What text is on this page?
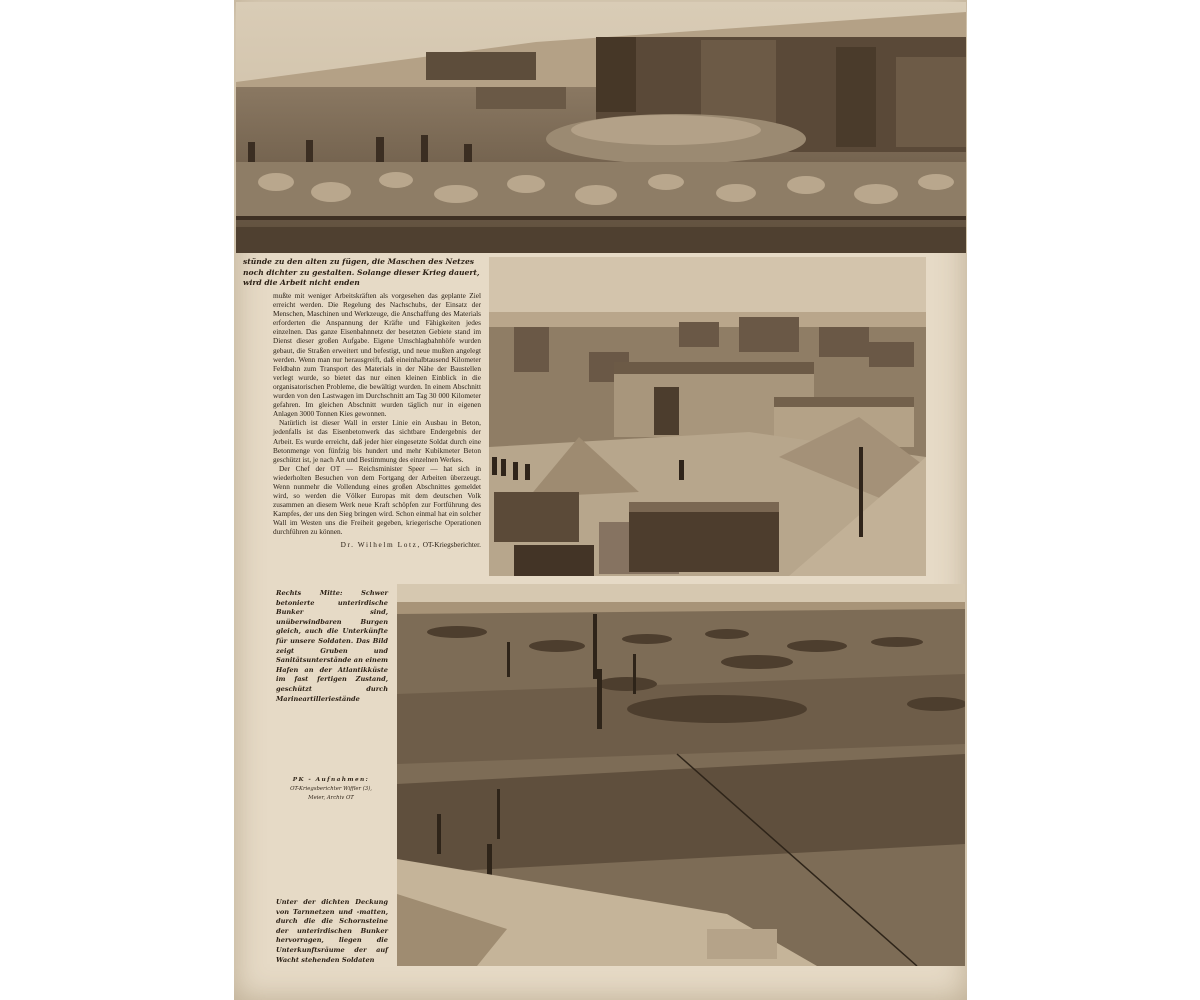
stünde zu den alten zu fügen, die Maschen des Netzes noch dichter zu gestalten. Solange dieser Krieg dauert, wird die Arbeit nicht enden

mußte mit weniger Arbeitskräften als vorgesehen das geplante Ziel erreicht werden. Die Regelung des Nachschubs, der Einsatz der Menschen, Maschinen und Werkzeuge, die Anschaffung des Materials erforderten die Anspannung der Kräfte und Fähigkeiten jedes einzelnen. Das ganze Eisenbahnnetz der besetzten Gebiete stand im Dienst dieser großen Aufgabe. Eigene Umschlagbahnhöfe wurden gebaut, die Straßen erweitert und befestigt, und neue mußten angelegt werden. Wenn man nur herausgreift, daß eineinhalbtausend Kilometer Feldbahn zum Transport des Materials in der Nähe der Baustellen verlegt wurde, so bietet das nur einen kleinen Einblick in die organisatorischen Probleme, die bewältigt wurden. In einem Abschnitt wurden von den Lastwagen im Durchschnitt am Tag 30 000 Kilometer gefahren. Im gleichen Abschnitt wurden täglich nur in eigenen Anlagen 3000 Tonnen Kies gewonnen.

Natürlich ist dieser Wall in erster Linie ein Ausbau in Beton, jedenfalls ist das Eisenbetonwerk das sichtbare Endergebnis der Arbeit. Es wurde erreicht, daß jeder hier eingesetzte Soldat durch eine Betonmenge von fünfzig bis hundert und mehr Kubikmeter Beton geschützt ist, je nach Art und Bestimmung des einzelnen Werkes.

Der Chef der OT — Reichsminister Speer — hat sich in wiederholten Besuchen von dem Fortgang der Arbeiten überzeugt. Wenn nunmehr die Vollendung eines großen Abschnittes gemeldet wird, so werden die Völker Europas mit dem deutschen Volk zusammen an diesem Werk neue Kraft schöpfen zur Fortführung des Kampfes, der uns den Sieg bringen wird. Schon einmal hat ein solcher Wall im Westen uns die Freiheit gegeben, kriegerische Operationen durchführen zu können.

Dr. Wilhelm Lotz, OT-Kriegsberichter.
Rechts Mitte: Schwer betonierte unterirdische Bunker sind, unüberwindbaren Burgen gleich, auch die Unterkünfte für unsere Soldaten. Das Bild zeigt Gruben und Sanitätsunterstände an einem Hafen an der Atlantikküste im fast fertigen Zustand, geschützt durch Marineartilleriestände
PK - Aufnahmen:
OT-Kriegsberichter Wiffler (3),
Meier, Archiv OT
Unter der dichten Deckung von Tarnnetzen und -matten, durch die die Schornsteine der unterirdischen Bunker hervorragen, liegen die Unterkunftsräume der auf Wacht stehenden Soldaten
